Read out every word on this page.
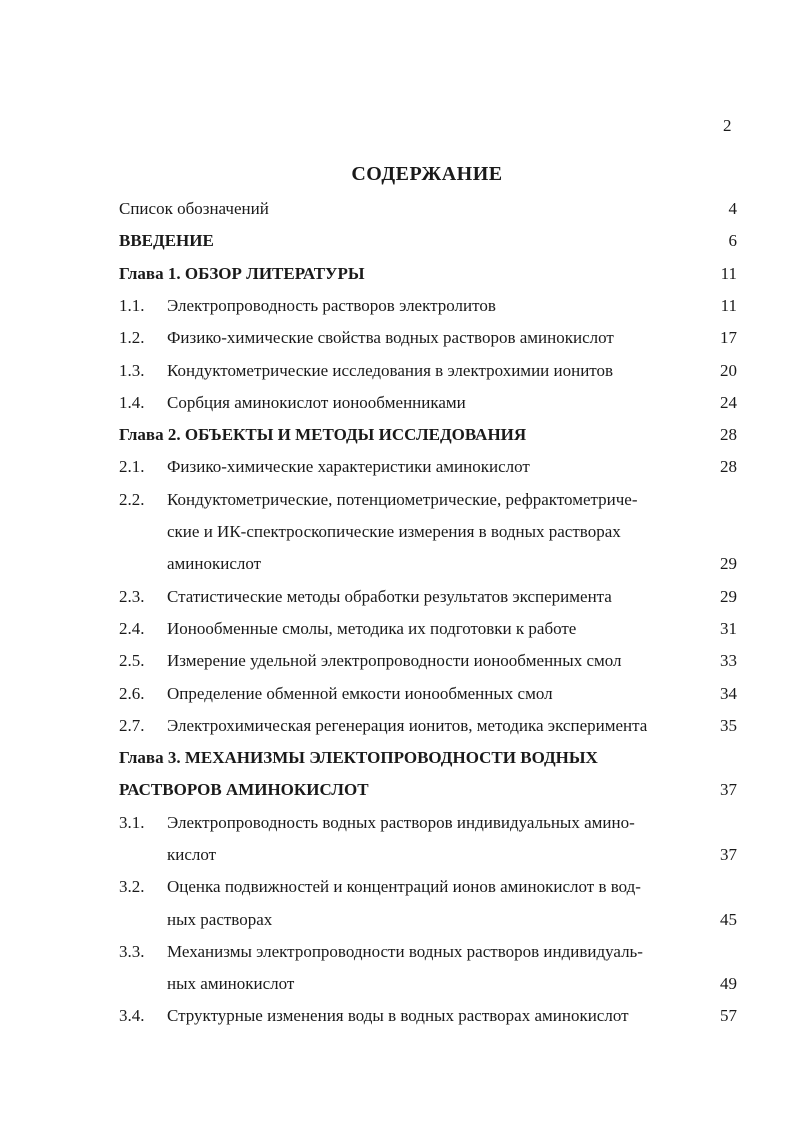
2
СОДЕРЖАНИЕ
Список обозначений	4
ВВЕДЕНИЕ	6
Глава 1. ОБЗОР ЛИТЕРАТУРЫ	11
1.1. Электропроводность растворов электролитов	11
1.2. Физико-химические свойства водных растворов аминокислот	17
1.3. Кондуктометрические исследования в электрохимии ионитов	20
1.4. Сорбция аминокислот ионообменниками	24
Глава 2. ОБЪЕКТЫ И МЕТОДЫ ИССЛЕДОВАНИЯ	28
2.1. Физико-химические характеристики аминокислот	28
2.2. Кондуктометрические, потенциометрические, рефрактометриче-
ские и ИК-спектроскопические измерения в водных растворах
аминокислот	29
2.3. Статистические методы обработки результатов эксперимента	29
2.4. Ионообменные смолы, методика их подготовки к работе	31
2.5. Измерение удельной электропроводности ионообменных смол	33
2.6. Определение обменной емкости ионообменных смол	34
2.7. Электрохимическая регенерация ионитов, методика эксперимента	35
Глава 3. МЕХАНИЗМЫ ЭЛЕКТОПРОВОДНОСТИ ВОДНЫХ
РАСТВОРОВ АМИНОКИСЛОТ	37
3.1. Электропроводность водных растворов индивидуальных амино-
кислот	37
3.2. Оценка подвижностей и концентраций ионов аминокислот в вод-
ных растворах	45
3.3. Механизмы электропроводности водных растворов индивидуаль-
ных аминокислот	49
3.4. Структурные изменения воды в водных растворах аминокислот	57
